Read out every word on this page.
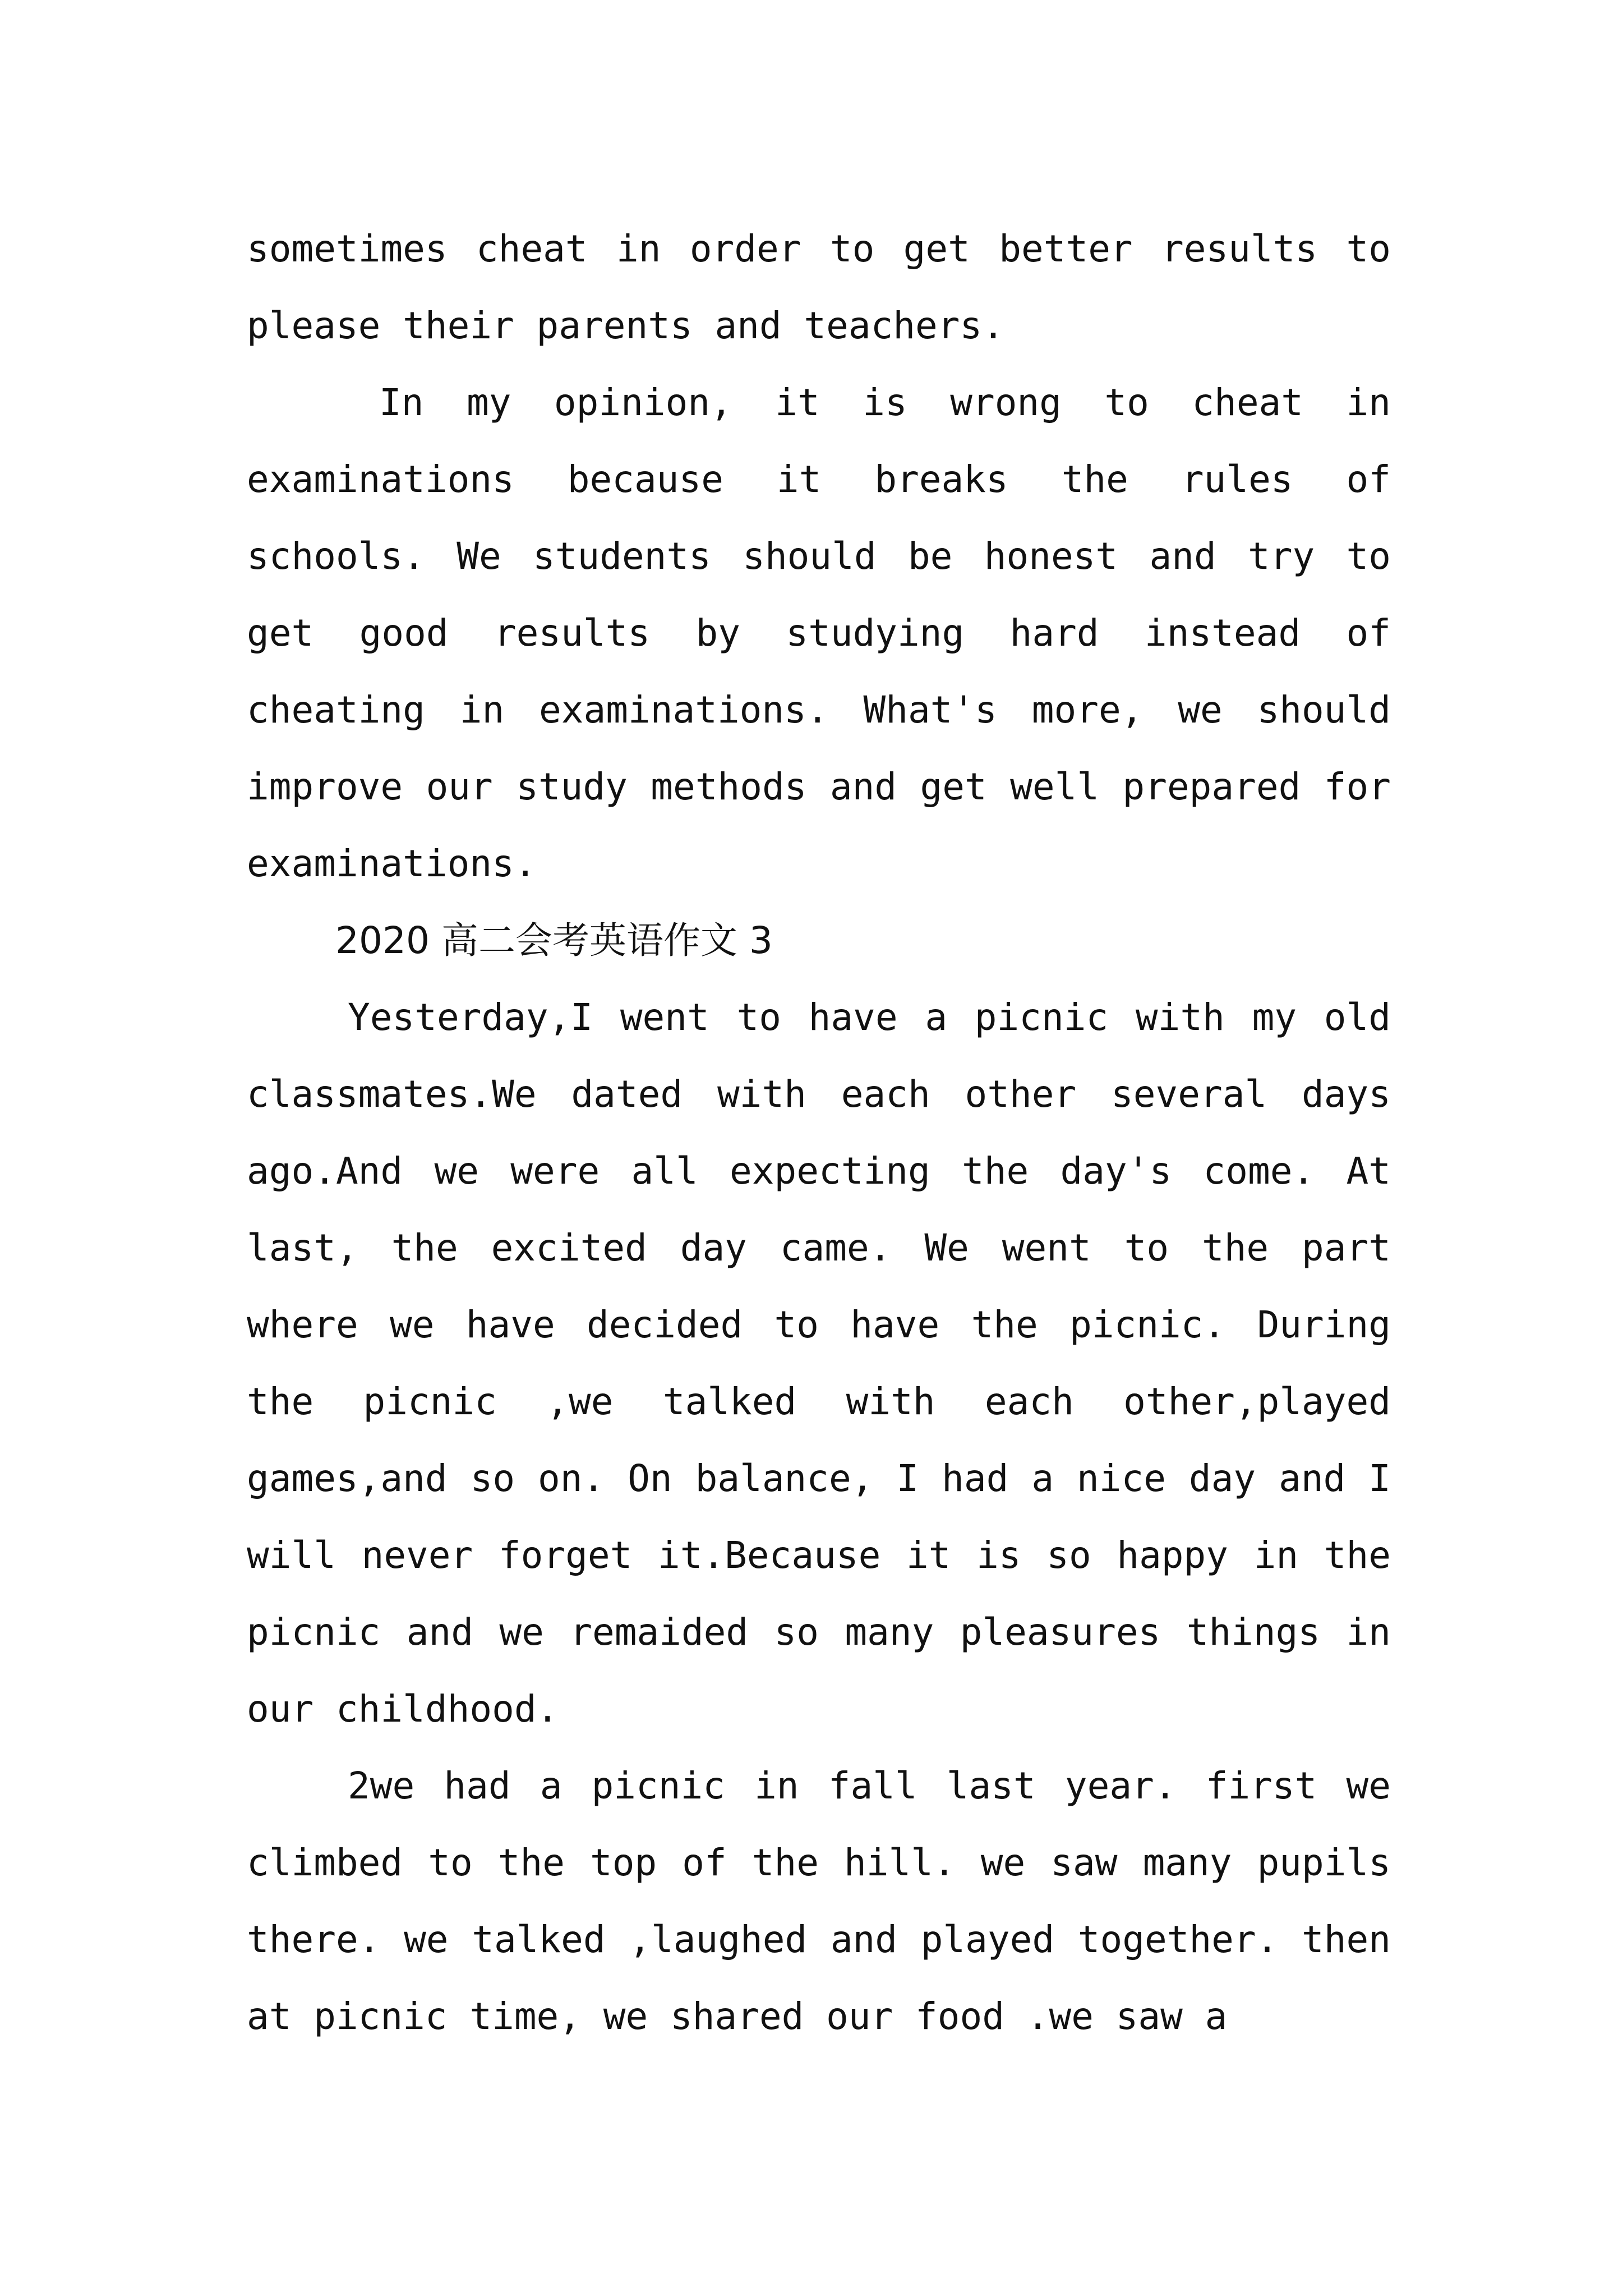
sometimes cheat in order to get better results to please their parents and teachers.

In my opinion, it is wrong to cheat in examinations because it breaks the rules of schools. We students should be honest and try to get good results by studying hard instead of cheating in examinations. What's more, we should improve our study methods and get well prepared for examinations.

2020 高二会考英语作文 3

Yesterday,I went to have a picnic with my old classmates.We dated with each other several days ago.And we were all expecting the day's come. At last, the excited day came. We went to the part where we have decided to have the picnic. During the picnic ,we talked with each other,played games,and so on. On balance, I had a nice day and I will never forget it.Because it is so happy in the picnic and we remaided so many pleasures things in our childhood.

2we had a picnic in fall last year. first we climbed to the top of the hill. we saw many pupils there. we talked ,laughed and played together. then at picnic time, we shared our food .we saw a
